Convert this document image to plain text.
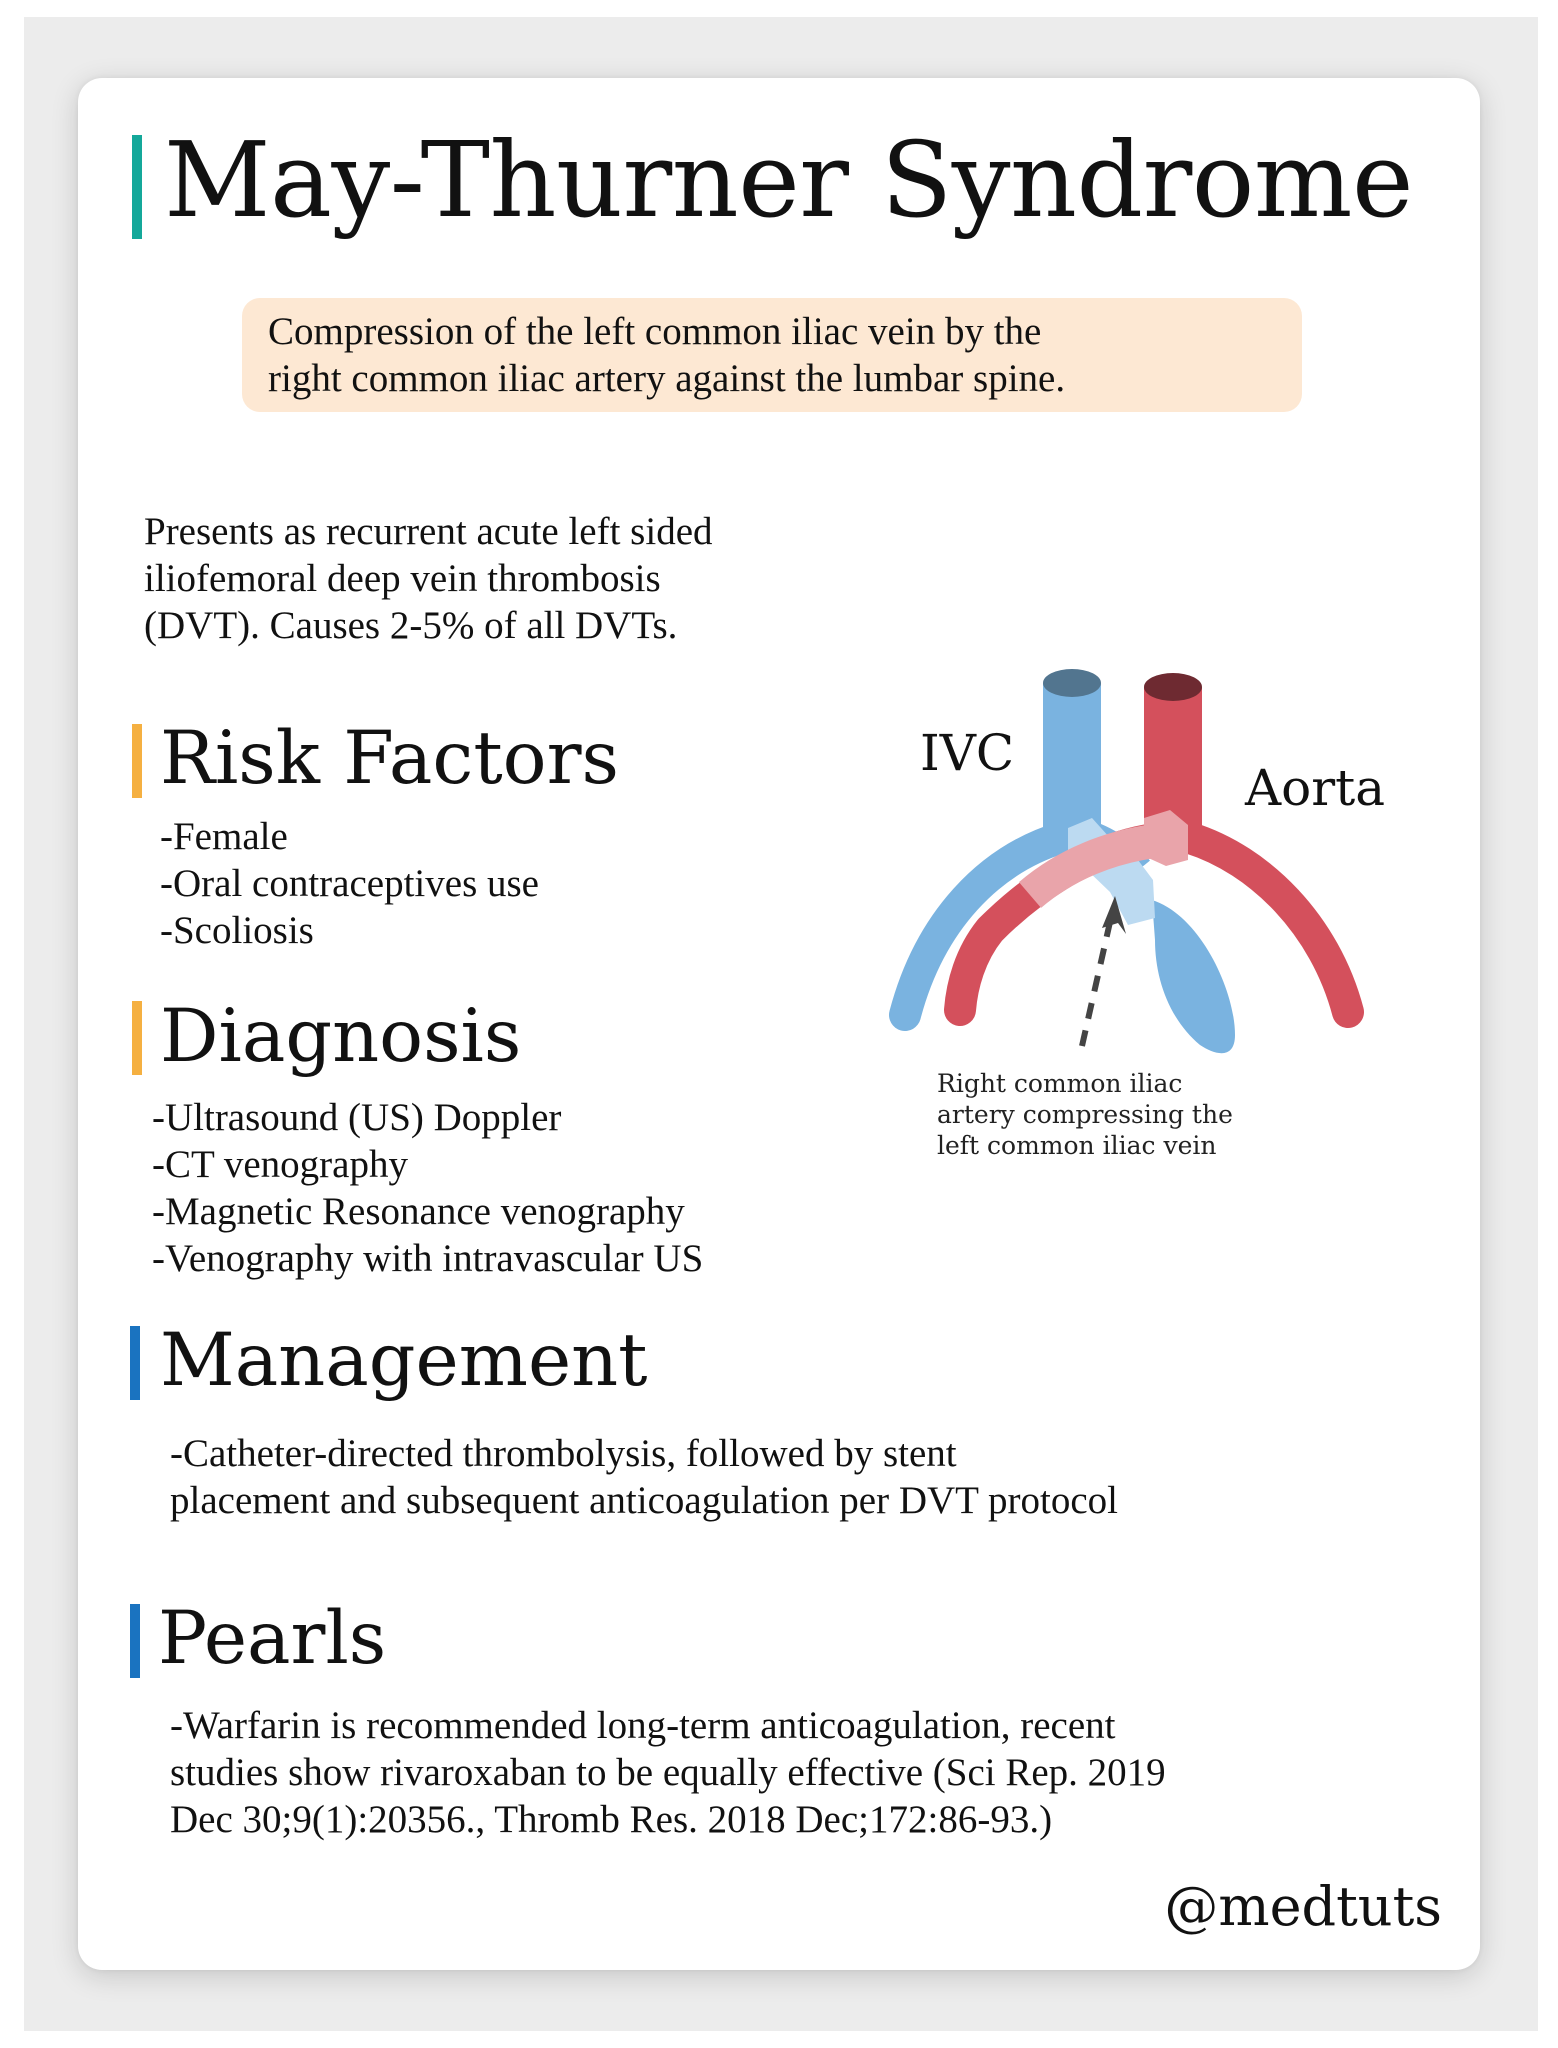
May-Thurner Syndrome
Compression of the left common iliac vein by the
right common iliac artery against the lumbar spine.
Presents as recurrent acute left sided
iliofemoral deep vein thrombosis
(DVT). Causes 2-5% of all DVTs.
Risk Factors
-Female
-Oral contraceptives use
-Scoliosis
Diagnosis
-Ultrasound (US) Doppler
-CT venography
-Magnetic Resonance venography
-Venography with intravascular US
Management
-Catheter-directed thrombolysis, followed by stent
placement and subsequent anticoagulation per DVT protocol
Pearls
-Warfarin is recommended long-term anticoagulation, recent
studies show rivaroxaban to be equally effective (Sci Rep. 2019
Dec 30;9(1):20356., Thromb Res. 2018 Dec;172:86-93.)
IVC
Aorta
Right common iliac
artery compressing the
left common iliac vein
@medtuts
